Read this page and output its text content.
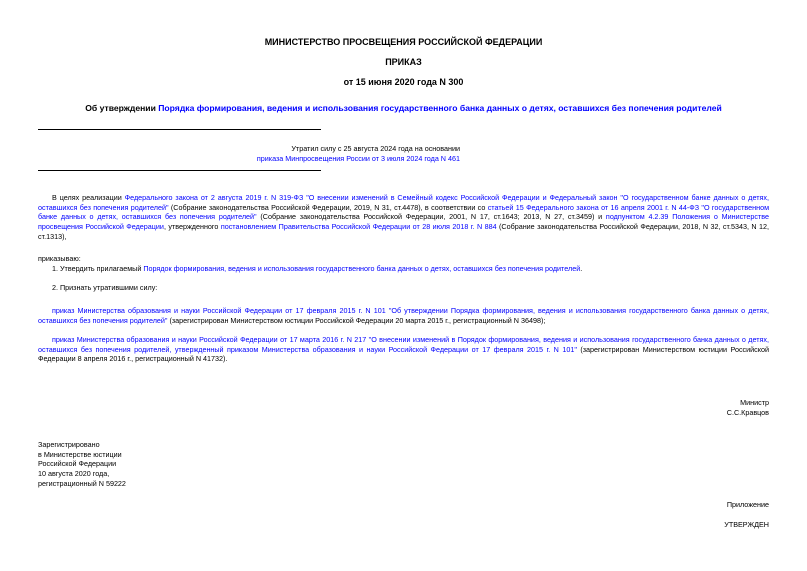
МИНИСТЕРСТВО ПРОСВЕЩЕНИЯ РОССИЙСКОЙ ФЕДЕРАЦИИ
ПРИКАЗ
от 15 июня 2020 года N 300
Об утверждении Порядка формирования, ведения и использования государственного банка данных о детях, оставшихся без попечения родителей
Утратил силу с 25 августа 2024 года на основании
приказа Минпросвещения России от 3 июля 2024 года N 461
В целях реализации Федерального закона от 2 августа 2019 г. N 319-ФЗ "О внесении изменений в Семейный кодекс Российской Федерации и Федеральный закон "О государственном банке данных о детях, оставшихся без попечения родителей" (Собрание законодательства Российской Федерации, 2019, N 31, ст.4478), в соответствии со статьей 15 Федерального закона от 16 апреля 2001 г. N 44-ФЗ "О государственном банке данных о детях, оставшихся без попечения родителей" (Собрание законодательства Российской Федерации, 2001, N 17, ст.1643; 2013, N 27, ст.3459) и подпунктом 4.2.39 Положения о Министерстве просвещения Российской Федерации, утвержденного постановлением Правительства Российской Федерации от 28 июля 2018 г. N 884 (Собрание законодательства Российской Федерации, 2018, N 32, ст.5343, N 12, ст.1313),
приказываю:
1. Утвердить прилагаемый Порядок формирования, ведения и использования государственного банка данных о детях, оставшихся без попечения родителей.
2. Признать утратившими силу:
приказ Министерства образования и науки Российской Федерации от 17 февраля 2015 г. N 101 "Об утверждении Порядка формирования, ведения и использования государственного банка данных о детях, оставшихся без попечения родителей" (зарегистрирован Министерством юстиции Российской Федерации 20 марта 2015 г., регистрационный N 36498);
приказ Министерства образования и науки Российской Федерации от 17 марта 2016 г. N 217 "О внесении изменений в Порядок формирования, ведения и использования государственного банка данных о детях, оставшихся без попечения родителей, утвержденный приказом Министерства образования и науки Российской Федерации от 17 февраля 2015 г. N 101" (зарегистрирован Министерством юстиции Российской Федерации 8 апреля 2016 г., регистрационный N 41732).
Министр
С.С.Кравцов
Зарегистрировано
в Министерстве юстиции
Российской Федерации
10 августа 2020 года,
регистрационный N 59222
Приложение
УТВЕРЖДЕН
